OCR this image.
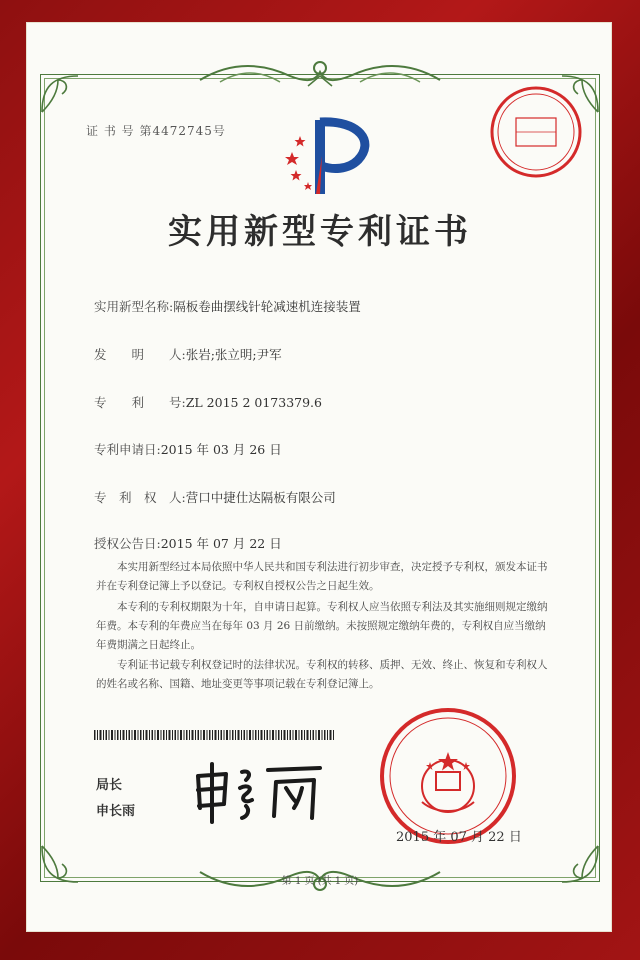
证 书 号 第4472745号
实用新型专利证书
实用新型名称:隔板卷曲摆线针轮减速机连接装置
发　　明　　人:张岩;张立明;尹军
专　　利　　号:ZL 2015 2 0173379.6
专利申请日:2015 年 03 月 26 日
专　利　权　人:营口中捷仕达隔板有限公司
授权公告日:2015 年 07 月 22 日

本实用新型经过本局依照中华人民共和国专利法进行初步审查，决定授予专利权，颁发本证书并在专利登记簿上予以登记。专利权自授权公告之日起生效。

本专利的专利权期限为十年，自申请日起算。专利权人应当依照专利法及其实施细则规定缴纳年费。本专利的年费应当在每年 03 月 26 日前缴纳。未按照规定缴纳年费的，专利权自应当缴纳年费期满之日起终止。

专利证书记载专利权登记时的法律状况。专利权的转移、质押、无效、终止、恢复和专利权人的姓名或名称、国籍、地址变更等事项记载在专利登记簿上。

局长
申长雨
2015 年 07 月 22 日
第 1 页 (共 1 页)
